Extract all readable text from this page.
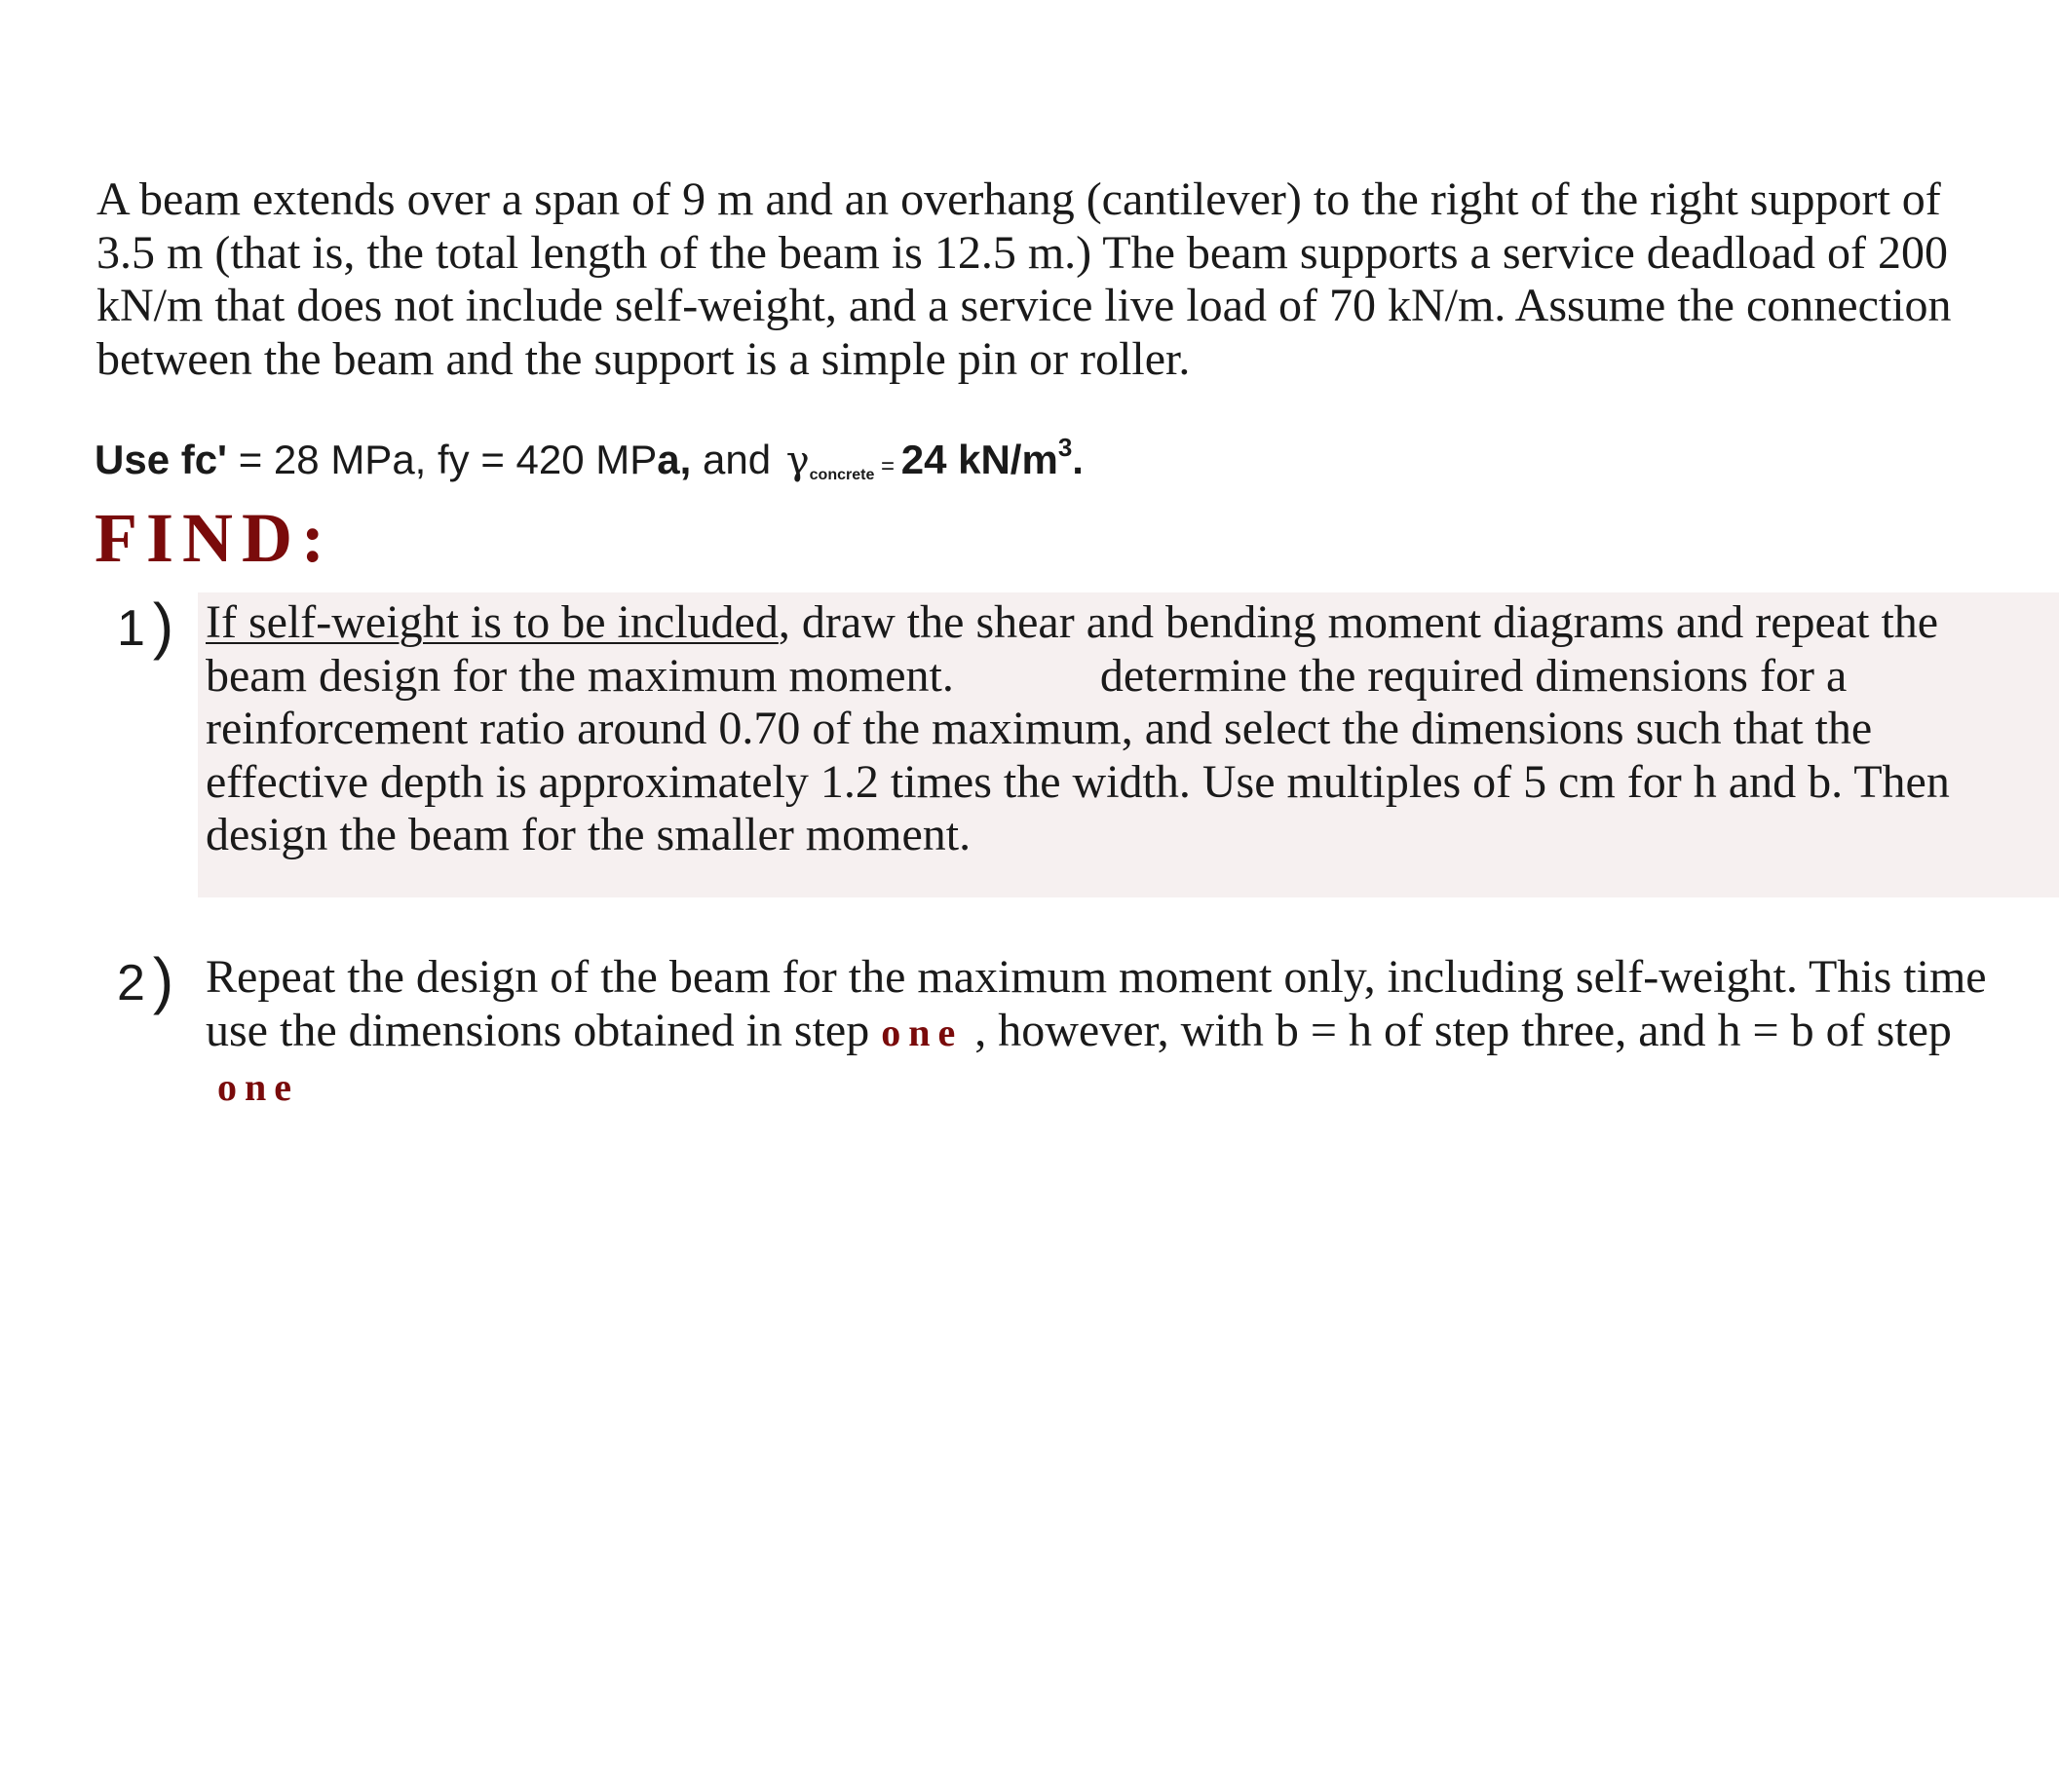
A beam extends over a span of 9 m and an overhang (cantilever) to the right of the right support of 3.5 m (that is, the total length of the beam is 12.5 m.) The beam supports a service deadload of 200 kN/m that does not include self-weight, and a service live load of 70 kN/m. Assume the connection between the beam and the support is a simple pin or roller.

Use fc' = 28 MPa, fy = 420 MPa, and $\gamma_{concrete} = 24$ $kN/m^3$.
FIND:
1 ) If self-weight is to be included, draw the shear and bending moment diagrams and repeat the beam design for the maximum moment.	determine the required dimensions for a reinforcement ratio around 0.70 of the maximum, and select the dimensions such that the effective depth is approximately 1.2 times the width. Use multiples of 5 cm for h and b. Then design the beam for the smaller moment.

2 ) Repeat the design of the beam for the maximum moment only, including self-weight. This time use the dimensions obtained in step one , however, with b = h of step three, and h = b of step one
